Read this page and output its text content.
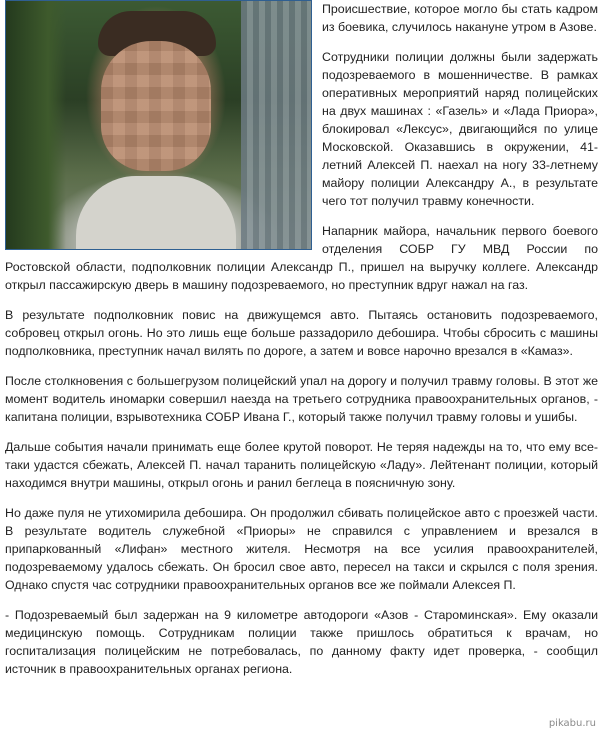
Происшествие, которое могло бы стать кадром из боевика, случилось накануне утром в Азове.

Сотрудники полиции должны были задержать подозреваемого в мошенничестве. В рамках оперативных мероприятий наряд полицейских на двух машинах : «Газель» и «Лада Приора», блокировал «Лексус», двигающийся по улице Московской. Оказавшись в окружении, 41-летний Алексей П. наехал на ногу 33-летнему майору полиции Александру А., в результате чего тот получил травму конечности.

Напарник майора, начальник первого боевого отделения СОБР ГУ МВД России по Ростовской области, подполковник полиции Александр П., пришел на выручку коллеге. Александр открыл пассажирскую дверь в машину подозреваемого, но преступник вдруг нажал на газ.

В результате подполковник повис на движущемся авто. Пытаясь остановить подозреваемого, собровец открыл огонь. Но это лишь еще больше раззадорило дебошира. Чтобы сбросить с машины подполковника, преступник начал вилять по дороге, а затем и вовсе нарочно врезался в «Камаз».

После столкновения с большегрузом полицейский упал на дорогу и получил травму головы. В этот же момент водитель иномарки совершил наезда на третьего сотрудника правоохранительных органов, - капитана полиции, взрывотехника СОБР Ивана Г., который также получил травму головы и ушибы.

Дальше события начали принимать еще более крутой поворот. Не теряя надежды на то, что ему все-таки удастся сбежать, Алексей П. начал таранить полицейскую «Ладу». Лейтенант полиции, который находимся внутри машины, открыл огонь и ранил беглеца в поясничную зону.

Но даже пуля не утихомирила дебошира. Он продолжил сбивать полицейское авто с проезжей части. В результате водитель служебной «Приоры» не справился с управлением и врезался в припаркованный «Лифан» местного жителя. Несмотря на все усилия правоохранителей, подозреваемому удалось сбежать. Он бросил свое авто, пересел на такси и скрылся с поля зрения. Однако спустя час сотрудники правоохранительных органов все же поймали Алексея П.

- Подозреваемый был задержан на 9 километре автодороги «Азов - Староминская». Ему оказали медицинскую помощь. Сотрудникам полиции также пришлось обратиться к врачам, но госпитализация полицейским не потребовалась, по данному факту идет проверка, - сообщил источник в правоохранительных органах региона.

pikabu.ru
